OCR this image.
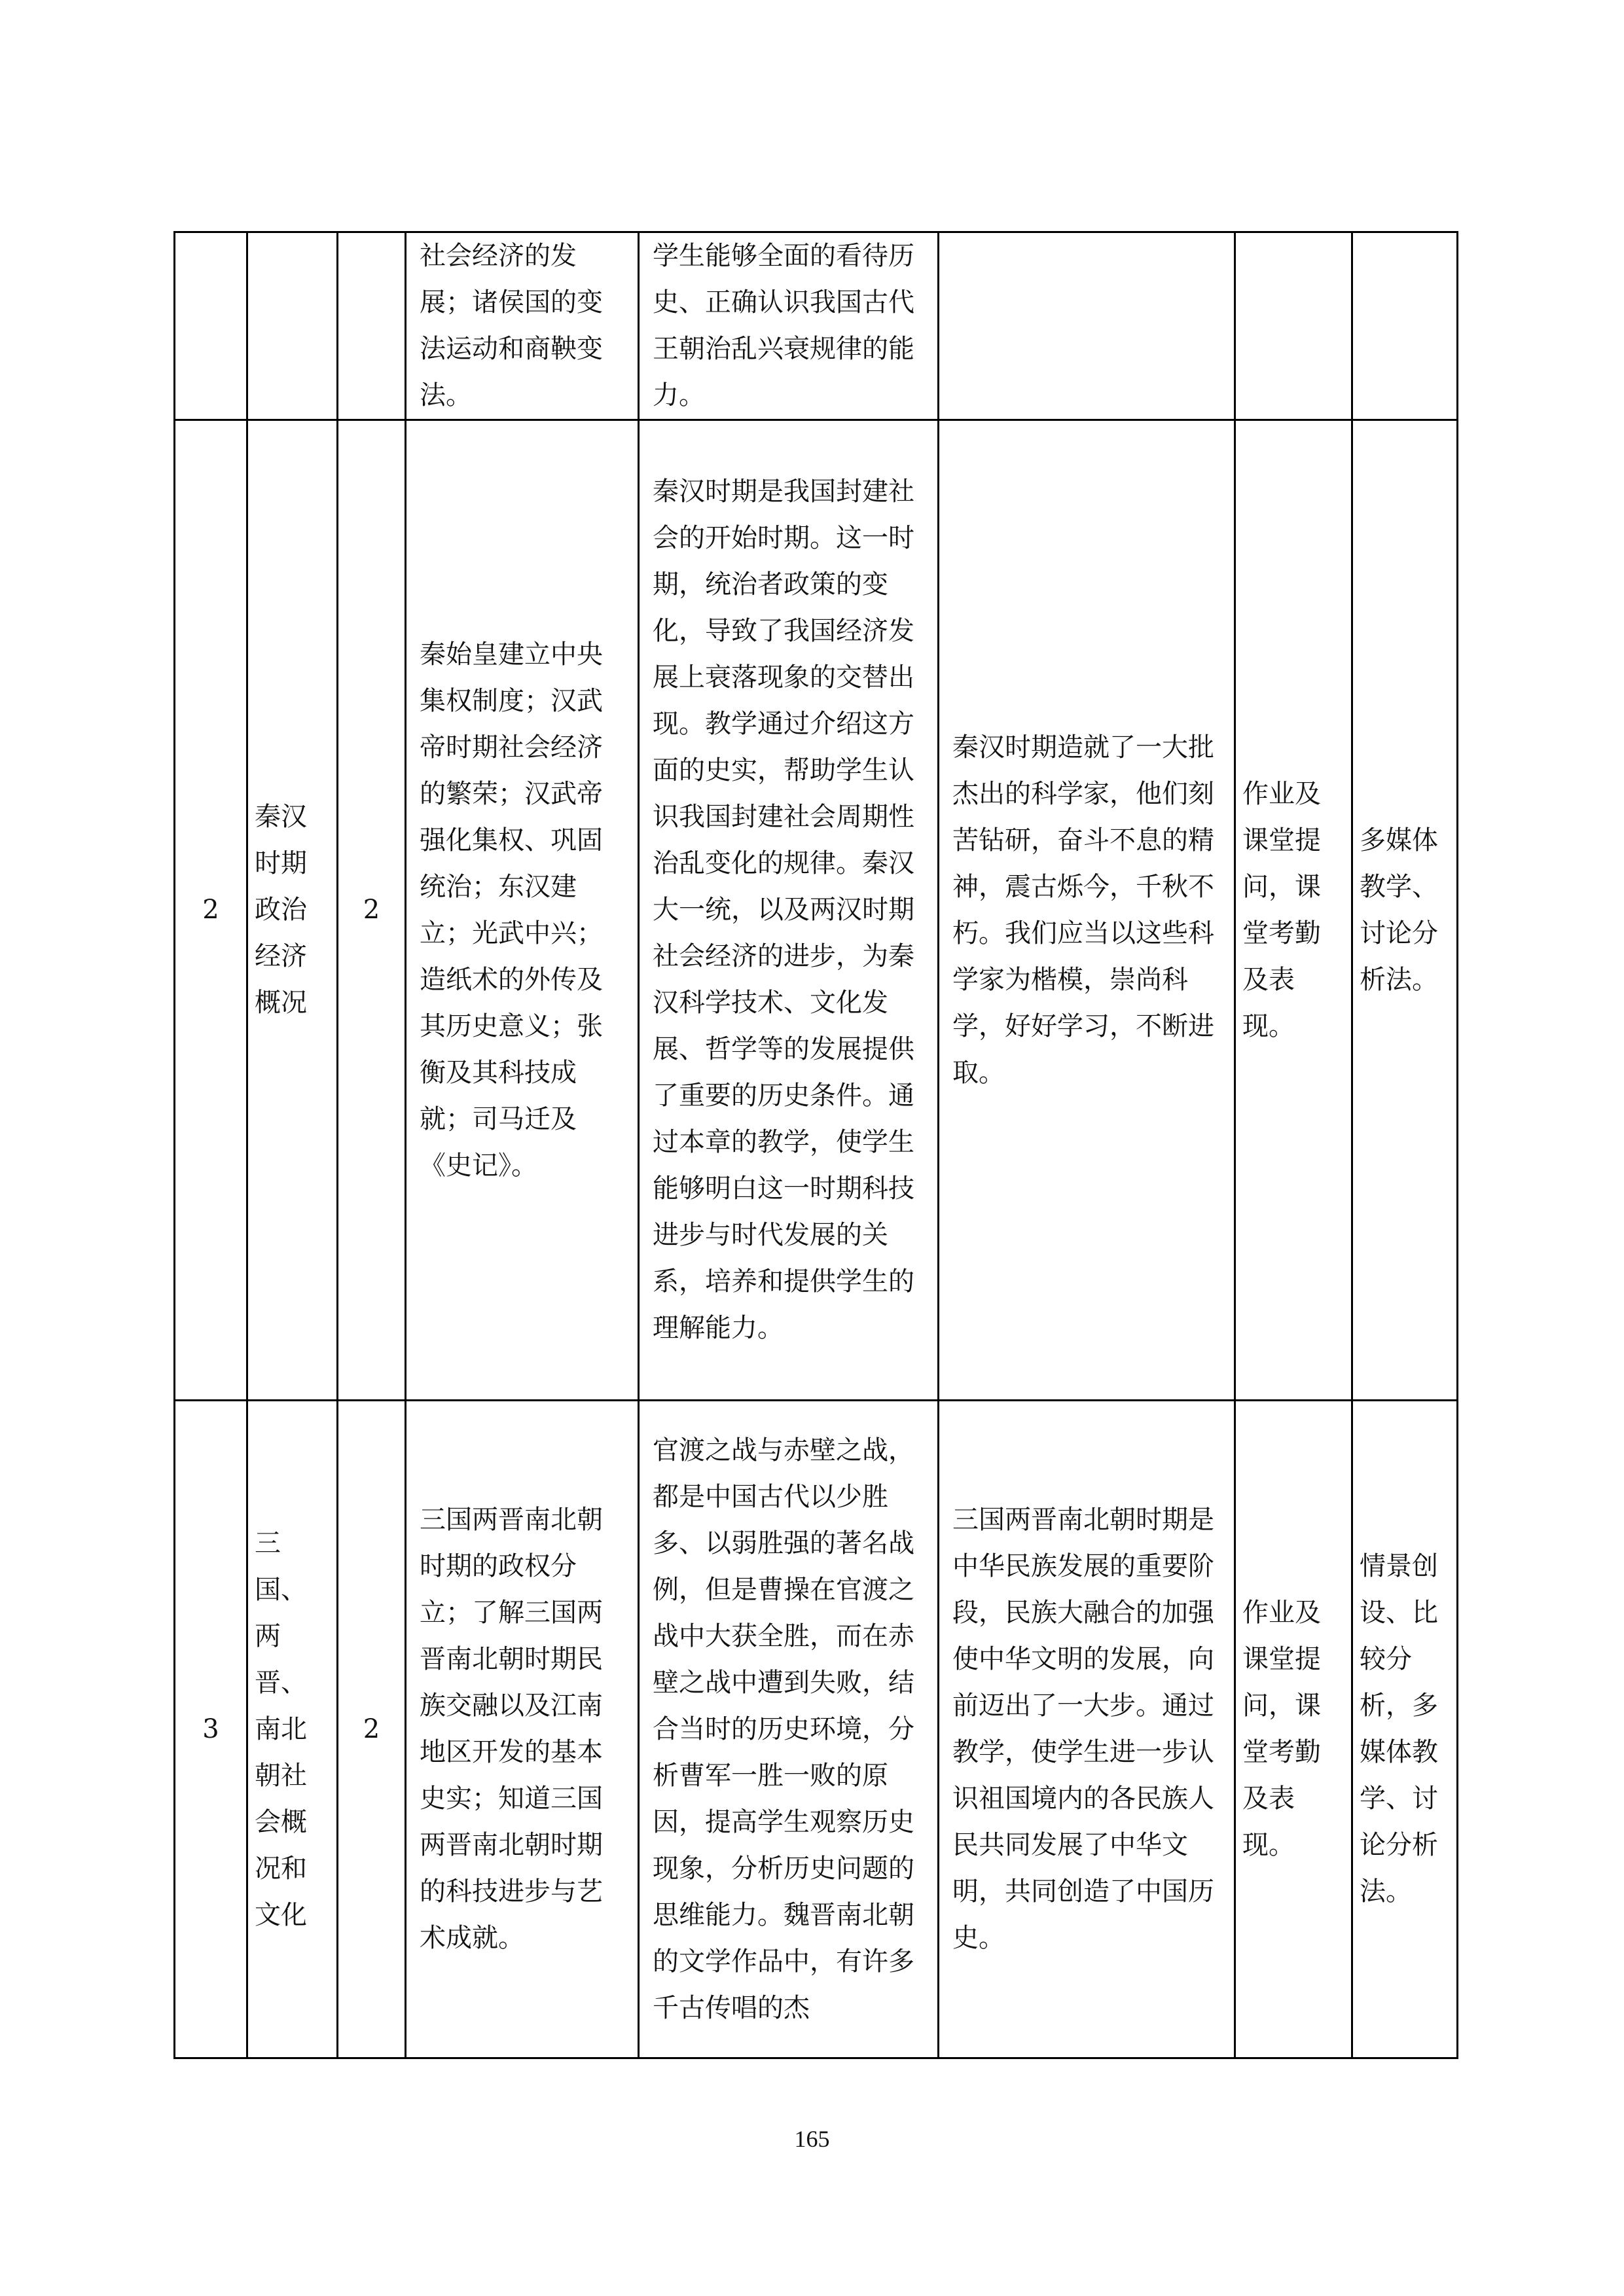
			社会经济的发展；诸侯国的变法运动和商鞅变法。	学生能够全面的看待历史、正确认识我国古代王朝治乱兴衰规律的能力。			
2	秦汉时期政治经济概况	2	秦始皇建立中央集权制度；汉武帝时期社会经济的繁荣；汉武帝强化集权、巩固统治；东汉建立；光武中兴；造纸术的外传及其历史意义；张衡及其科技成就；司马迁及《史记》。	秦汉时期是我国封建社会的开始时期。这一时期，统治者政策的变化，导致了我国经济发展上衰落现象的交替出现。教学通过介绍这方面的史实，帮助学生认识我国封建社会周期性治乱变化的规律。秦汉大一统，以及两汉时期社会经济的进步，为秦汉科学技术、文化发展、哲学等的发展提供了重要的历史条件。通过本章的教学，使学生能够明白这一时期科技进步与时代发展的关系，培养和提供学生的理解能力。	秦汉时期造就了一大批杰出的科学家，他们刻苦钻研，奋斗不息的精神，震古烁今，千秋不朽。我们应当以这些科学家为楷模，崇尚科学，好好学习，不断进取。	作业及课堂提问，课堂考勤及表现。	多媒体教学、讨论分析法。
3	三国、两晋、南北朝社会概况和文化	2	三国两晋南北朝时期的政权分立；了解三国两晋南北朝时期民族交融以及江南地区开发的基本史实；知道三国两晋南北朝时期的科技进步与艺术成就。	官渡之战与赤壁之战，都是中国古代以少胜多、以弱胜强的著名战例，但是曹操在官渡之战中大获全胜，而在赤壁之战中遭到失败，结合当时的历史环境，分析曹军一胜一败的原因，提高学生观察历史现象，分析历史问题的思维能力。魏晋南北朝的文学作品中，有许多千古传唱的杰	三国两晋南北朝时期是中华民族发展的重要阶段，民族大融合的加强使中华文明的发展，向前迈出了一大步。通过教学，使学生进一步认识祖国境内的各民族人民共同发展了中华文明，共同创造了中国历史。	作业及课堂提问，课堂考勤及表现。	情景创设、比较分析，多媒体教学、讨论分析法。
165
